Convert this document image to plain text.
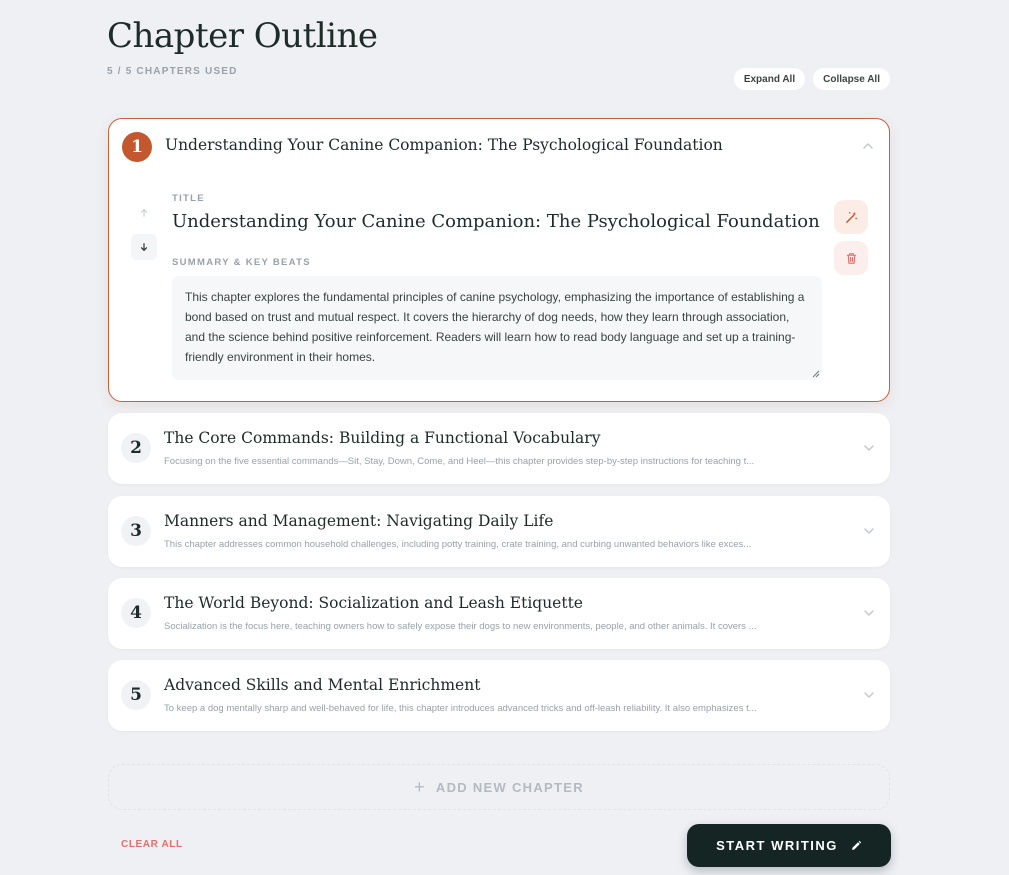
Chapter Outline
5 / 5 CHAPTERS USED
Expand All	Collapse All
1	Understanding Your Canine Companion: The Psychological Foundation
TITLE
Understanding Your Canine Companion: The Psychological Foundation
SUMMARY & KEY BEATS
This chapter explores the fundamental principles of canine psychology, emphasizing the importance of establishing a bond based on trust and mutual respect. It covers the hierarchy of dog needs, how they learn through association, and the science behind positive reinforcement. Readers will learn how to read body language and set up a training-friendly environment in their homes.
2	The Core Commands: Building a Functional Vocabulary
Focusing on the five essential commands—Sit, Stay, Down, Come, and Heel—this chapter provides step-by-step instructions for teaching t...
3	Manners and Management: Navigating Daily Life
This chapter addresses common household challenges, including potty training, crate training, and curbing unwanted behaviors like exces...
4	The World Beyond: Socialization and Leash Etiquette
Socialization is the focus here, teaching owners how to safely expose their dogs to new environments, people, and other animals. It covers ...
5	Advanced Skills and Mental Enrichment
To keep a dog mentally sharp and well-behaved for life, this chapter introduces advanced tricks and off-leash reliability. It also emphasizes t...
+ ADD NEW CHAPTER
CLEAR ALL	START WRITING
